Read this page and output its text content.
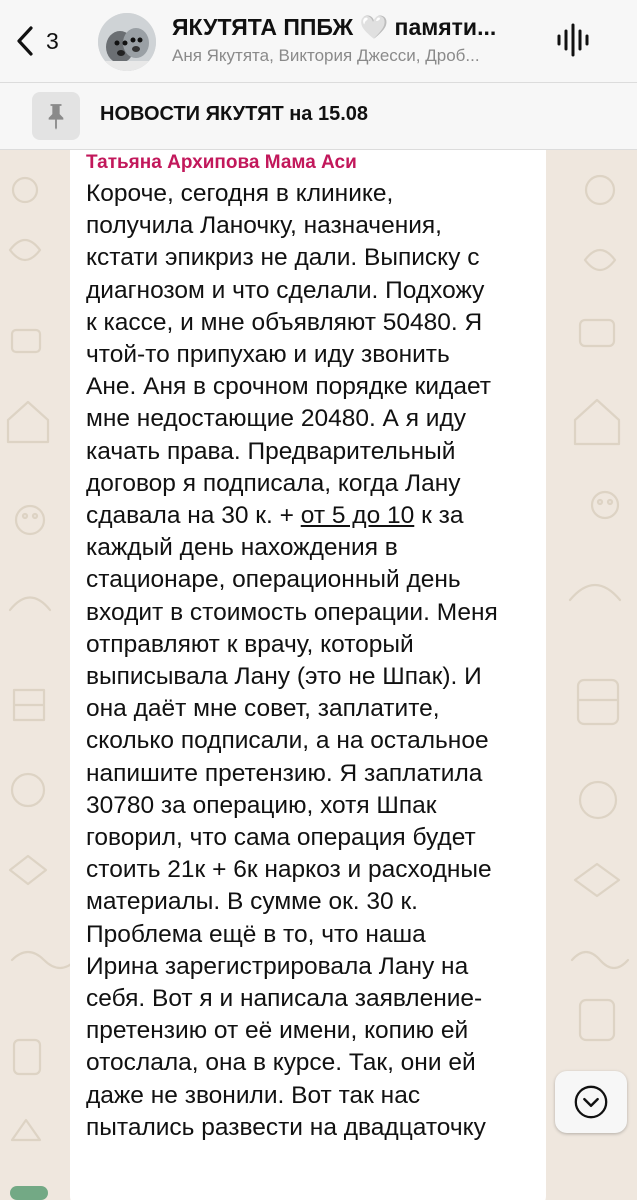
3
ЯКУТЯТА ППБЖ 🤍 памяти...
Аня Якутята, Виктория Джесси, Дроб...
НОВОСТИ ЯКУТЯТ на 15.08
Татьяна Архипова Мама Аси
Короче, сегодня в клинике,
получила Ланочку, назначения,
кстати эпикриз не дали. Выписку с
диагнозом и что сделали. Подхожу
к кассе, и мне объявляют 50480. Я
чтой-то припухаю и иду звонить
Ане. Аня в срочном порядке кидает
мне недостающие 20480. А я иду
качать права. Предварительный
договор я подписала, когда Лану
сдавала на 30 к. + от 5 до 10 к за
каждый день нахождения в
стационаре, операционный день
входит в стоимость операции. Меня
отправляют к врачу, который
выписывала Лану (это не Шпак). И
она даёт мне совет, заплатите,
сколько подписали, а на остальное
напишите претензию. Я заплатила
30780 за операцию, хотя Шпак
говорил, что сама операция будет
стоить 21к + 6к наркоз и расходные
материалы. В сумме ок. 30 к.
Проблема ещё в то, что наша
Ирина зарегистрировала Лану на
себя. Вот я и написала заявление-
претензию от её имени, копию ей
отослала, она в курсе. Так, они ей
даже не звонили. Вот так нас
пытались развести на двадцаточку
